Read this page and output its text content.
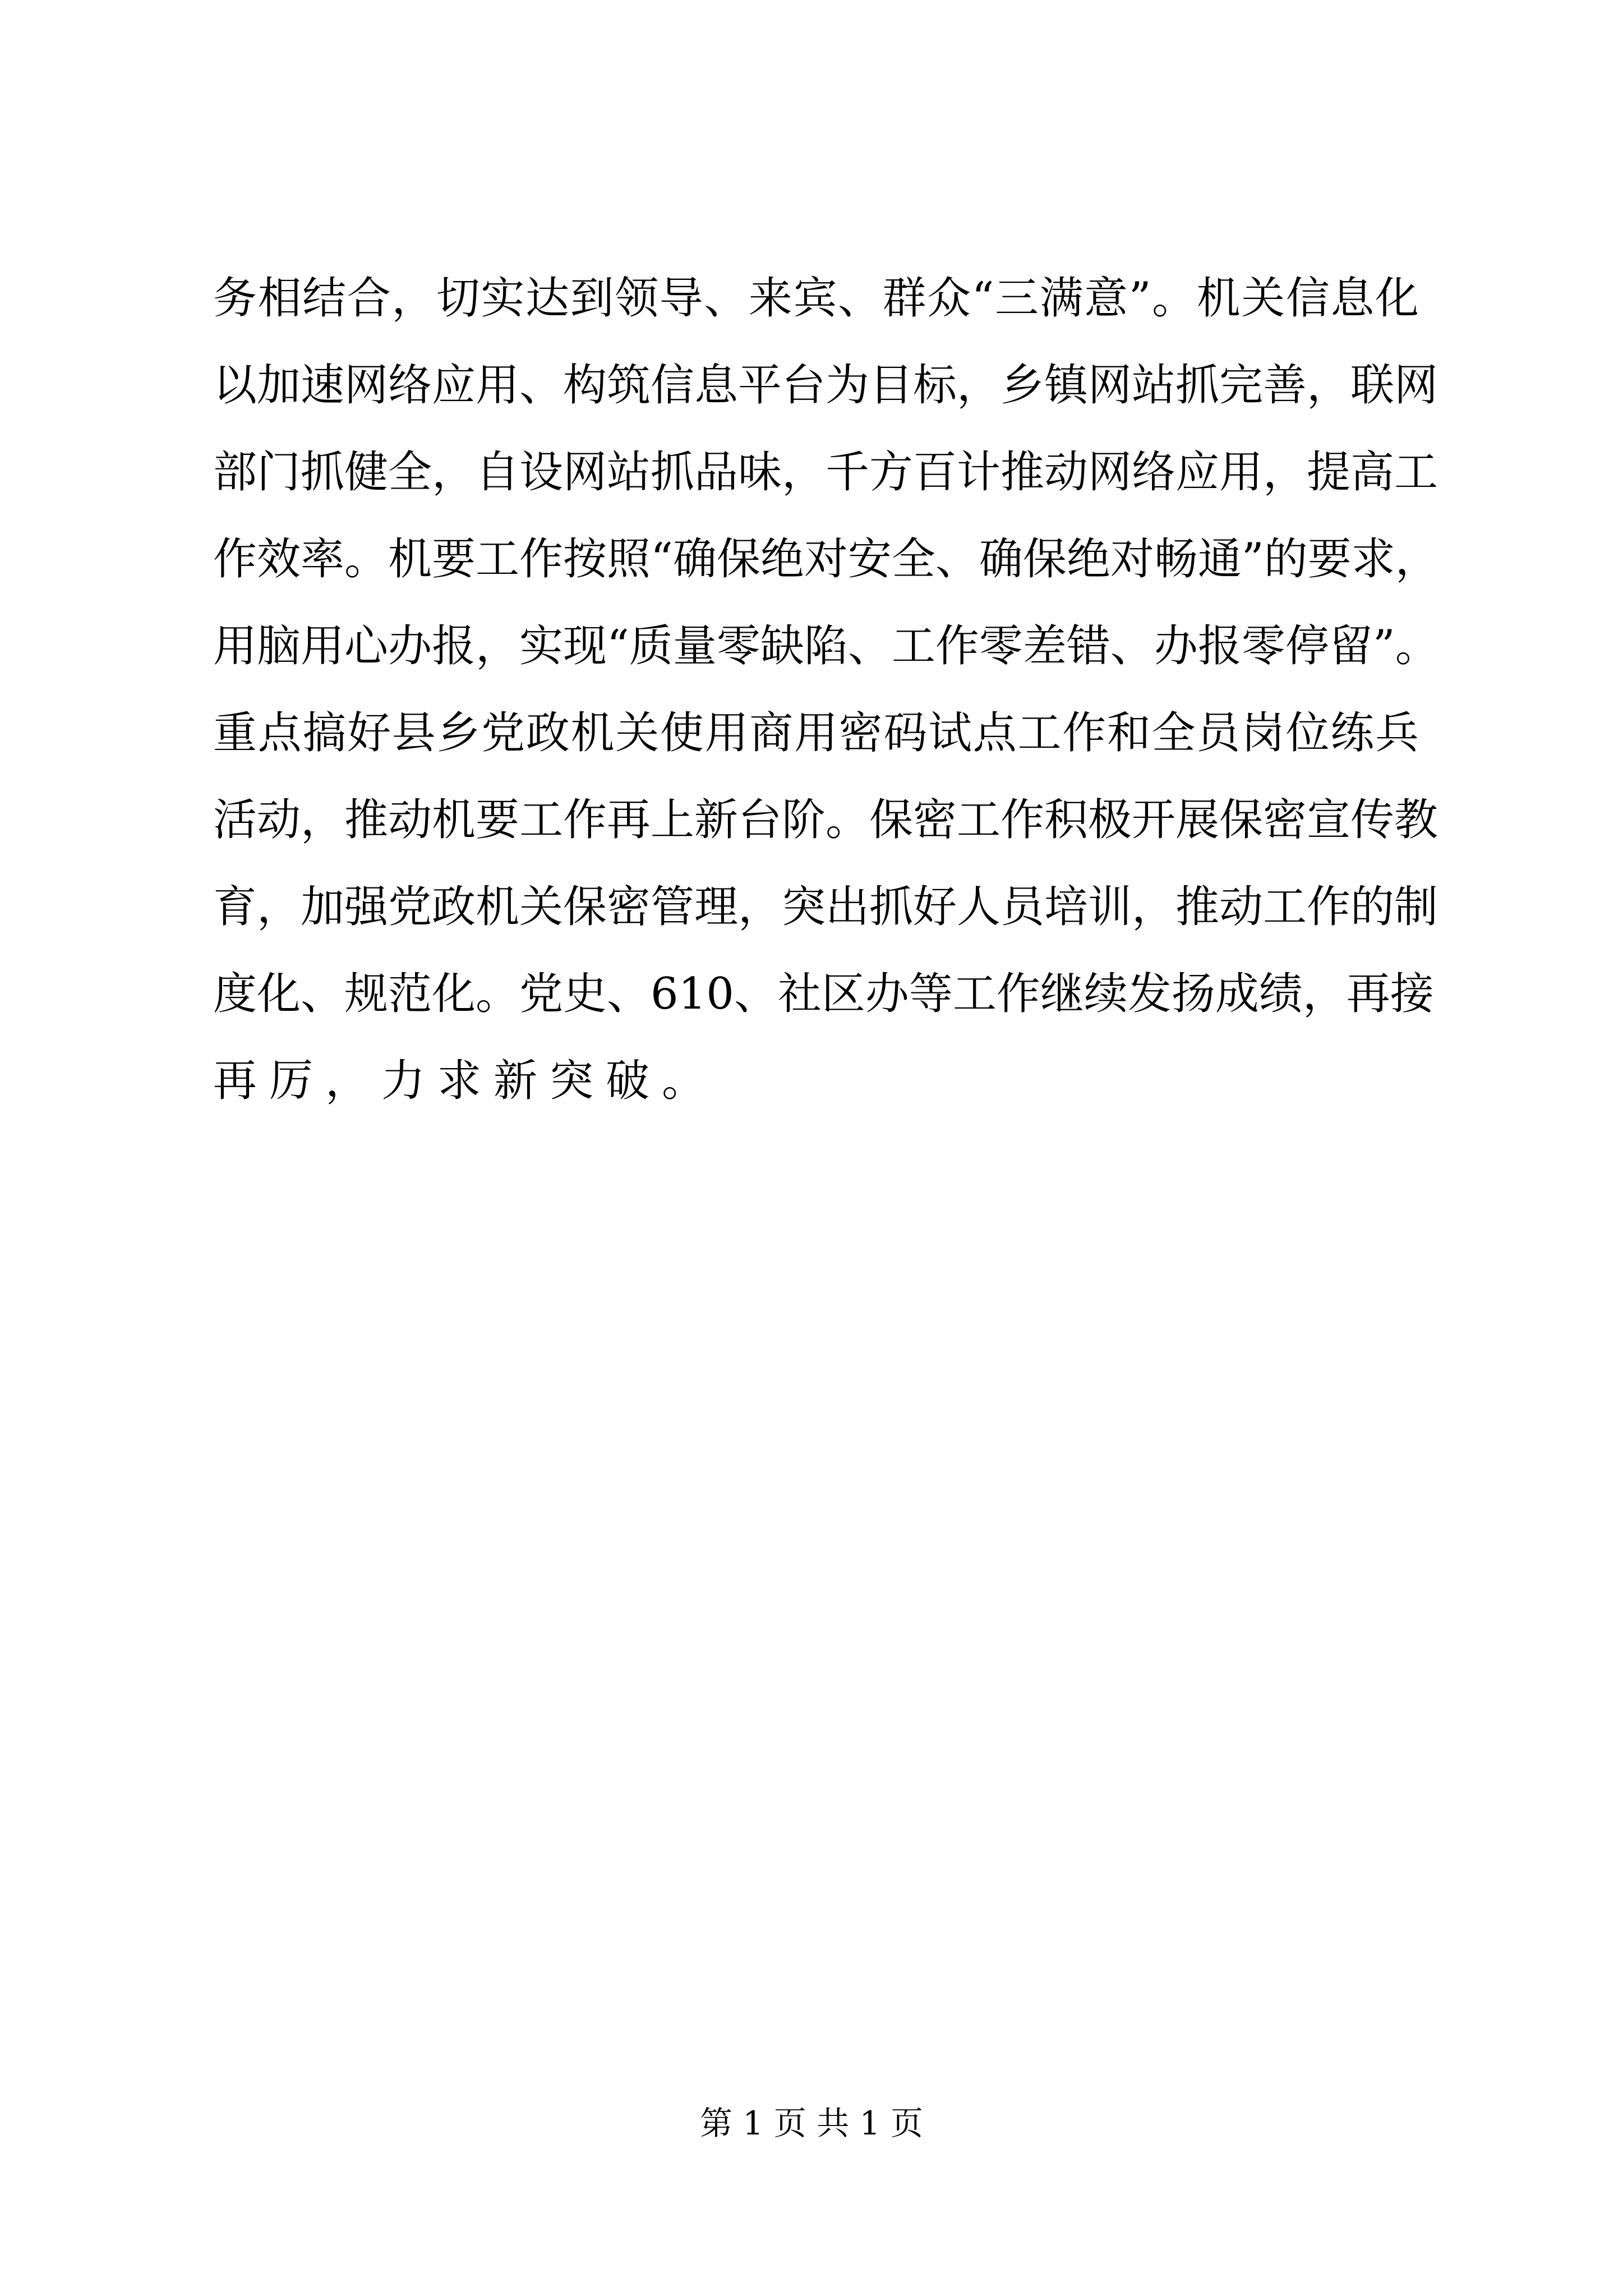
务相结合，切实达到领导、来宾、群众“三满意”。机关信息化
以加速网络应用、构筑信息平台为目标，乡镇网站抓完善，联网
部门抓健全，自设网站抓品味，千方百计推动网络应用，提高工
作效率。机要工作按照“确保绝对安全、确保绝对畅通”的要求，
用脑用心办报，实现“质量零缺陷、工作零差错、办报零停留”。
重点搞好县乡党政机关使用商用密码试点工作和全员岗位练兵
活动，推动机要工作再上新台阶。保密工作积极开展保密宣传教
育，加强党政机关保密管理，突出抓好人员培训，推动工作的制
度化、规范化。党史、610、社区办等工作继续发扬成绩，再接
再厉，力求新突破。
第 1 页 共 1 页
